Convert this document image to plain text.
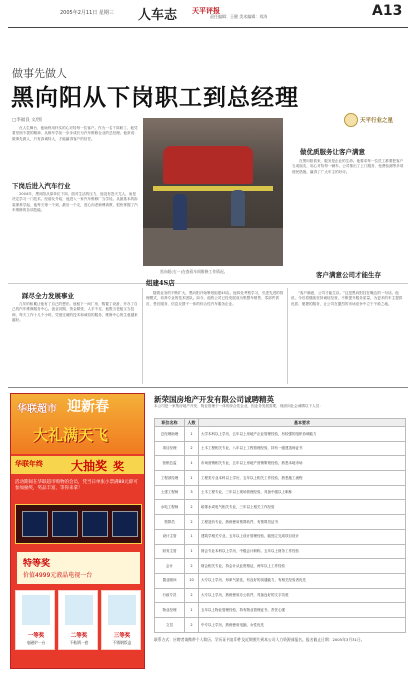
2005年2月11日 星期三 人车志 天平评报
责任编辑：王健 美术编辑：刘涛	A13
做事先做人
黑向阳从下岗职工到总经理
□李福良 文/图
在人生舞台，他始终用朴实的心对待每一位客户。作为一名下岗职工，他凭着坚韧不拔的精神，从修车学徒一步步成长为汽车维修企业的总经理。他常说：做事先做人，只有真诚待人，才能赢得客户的信任。
下岗后进入汽车行业
2004年，黑向阳从原单位下岗，面对生活的压力，他没有怨天尤人，而是决定学习一门技术。经朋友介绍，他进入一家汽车维修厂当学徒。从最基本的拆装保养学起，他每天第一个到，最后一个走，虚心向老师傅请教，很快掌握了汽车维修的各项技能。
黑向阳(右一)在查看车间维修工作情况。
天平行业之星
做优质服务让客户满意
在黑向阳看来，服务是企业的生命。他要求每一位员工都要把客户当成朋友，用心对待每一辆车。公司推出了上门服务、免费检测等多项便民措施，赢得了广大车主的好评。
踩尽全力发展事业
几年的积累让他有了自己的想法。他租下一间厂房，购置了设备，开办了自己的汽车维修服务中心。创业初期，资金紧张，人手不足，他既当老板又当技师，每天工作十几个小时。凭借过硬的技术和诚信的服务，维修中心的生意越来越好。
组建4S店
随着业务的不断扩大，黑向阳开始筹划组建4S店。他四处考察学习，引进先进的管理模式，培养专业的技术团队。如今，他的公司已经发展成为集整车销售、零部件供应、售后服务、信息反馈于一体的综合性汽车服务企业。
客户满意公司才能生存
“客户满意，公司才能生存。”这是黑向阳挂在嘴边的一句话。他说，今后将继续坚持诚信经营，不断提升服务质量，为更多的车主提供优质、便捷的服务，让公司在激烈的市场竞争中立于不败之地。
华联超市 迎新春
大礼满天飞
华联年终 大抽奖 奖
活动期间在华联超市购物的会员，凭当日单张小票满88元即可参加抽奖，奖品丰富，等你来拿！
特等奖
价值4999元液晶电视一台
一等奖
电磁炉一台
二等奖
不粘锅一套
三等奖
不锈钢饭盒
新荣国房地产开发有限公司诚聘精英
本公司是一家集房地产开发、物业管理于一体的综合性企业，因业务发展需要，现面向社会诚聘以下人员：
职位名称	人数	基本要求
总经理助理	1	大学本科以上学历，五年以上房地产企业管理经验，有较强的组织协调能力
项目经理	2	土木工程相关专业，八年以上工程管理经验，持有一级建造师证书
营销总监	1	市场营销相关专业，五年以上房地产营销策划经验，熟悉本地市场
工程部经理	1	工程类专业本科以上学历，五年以上相关工作经验，熟悉施工流程
土建工程师	3	土木工程专业，三年以上现场管理经验，具备中级以上职称
水电工程师	2	给排水或电气相关专业，三年以上相关工作经验
预算员	2	工程造价专业，熟练使用预算软件，有预算员证书
设计主管	1	建筑学相关专业，五年以上设计管理经验，能独立完成项目设计
财务主管	1	财会专业本科以上学历，中级会计职称，五年以上财务工作经验
会计	2	财会相关专业，持会计从业资格证，两年以上工作经验
置业顾问	10	大专以上学历，形象气质佳，有良好的沟通能力，有相关经验者优先
行政专员	2	大专以上学历，熟练使用办公软件，具备良好的文字功底
物业经理	1	五年以上物业管理经验，持有物业管理证书，责任心强
文员	2	中专以上学历，熟练使用电脑，女性优先
联系方式：应聘者请携带个人简历、学历证书复印件及近期照片到本公司人力资源部报名。报名截止日期：2005年3月31日。
